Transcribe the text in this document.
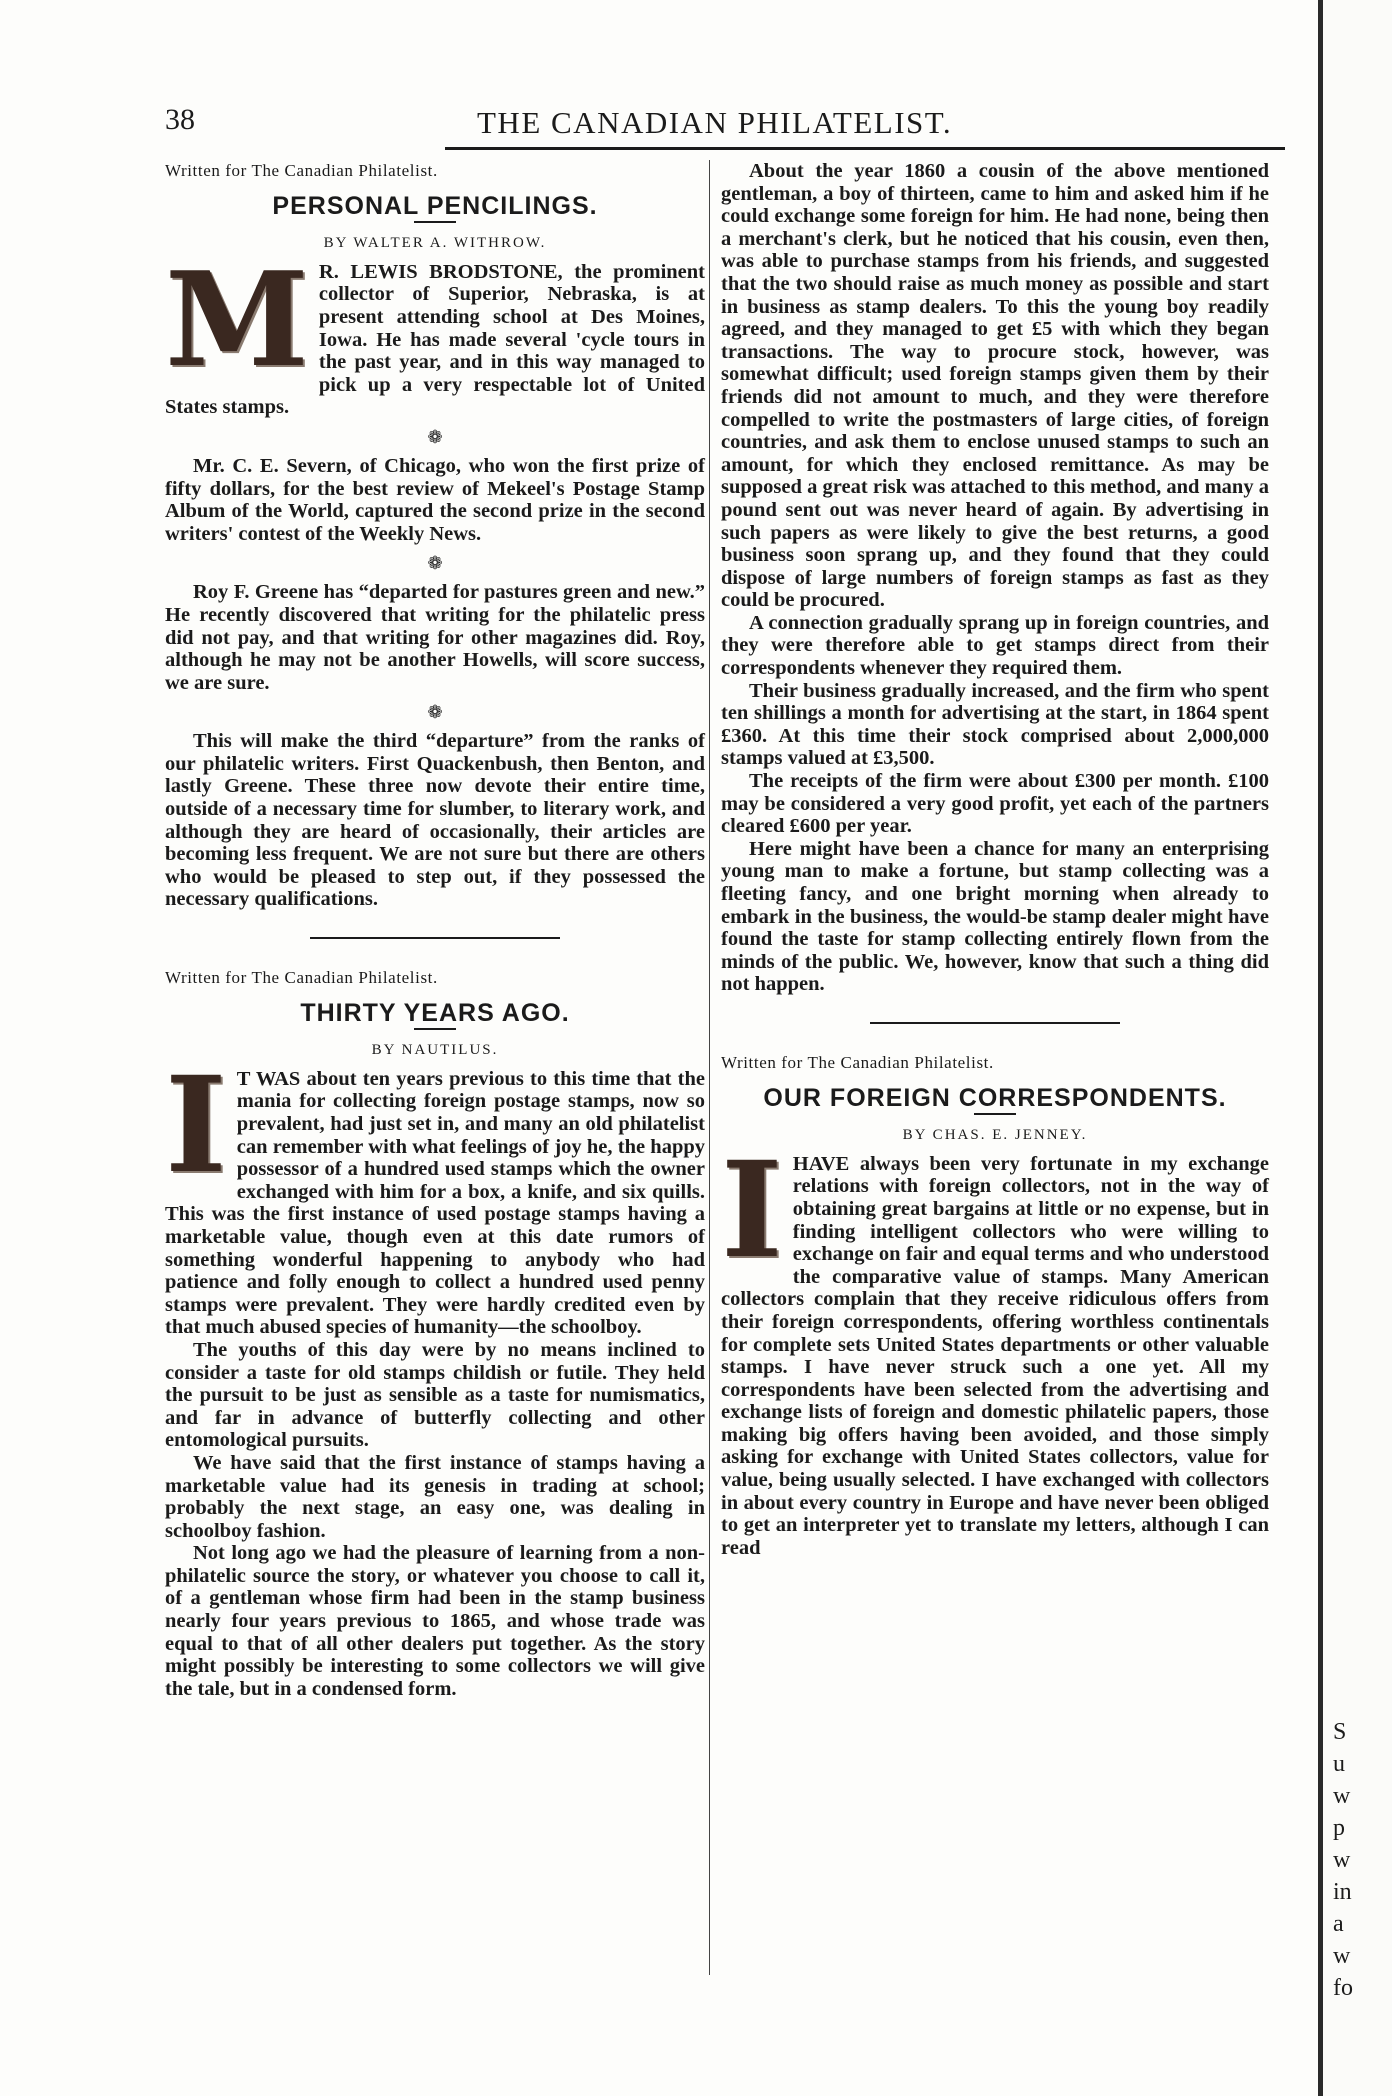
38	THE CANADIAN PHILATELIST.
Written for The Canadian Philatelist.
PERSONAL PENCILINGS.
BY WALTER A. WITHROW.

M R. LEWIS BRODSTONE, the prominent collector of Superior, Nebraska, is at present attending school at Des Moines, Iowa. He has made several 'cycle tours in the past year, and in this way managed to pick up a very respectable lot of United States stamps.

❁

Mr. C. E. Severn, of Chicago, who won the first prize of fifty dollars, for the best review of Mekeel's Postage Stamp Album of the World, captured the second prize in the second writers' contest of the Weekly News.

❁

Roy F. Greene has “departed for pastures green and new.” He recently discovered that writing for the philatelic press did not pay, and that writing for other magazines did. Roy, although he may not be another Howells, will score success, we are sure.

❁

This will make the third “departure” from the ranks of our philatelic writers. First Quackenbush, then Benton, and lastly Greene. These three now devote their entire time, outside of a necessary time for slumber, to literary work, and although they are heard of occasionally, their articles are becoming less frequent. We are not sure but there are others who would be pleased to step out, if they possessed the necessary qualifications.

Written for The Canadian Philatelist.
THIRTY YEARS AGO.
BY NAUTILUS.

I T WAS about ten years previous to this time that the mania for collecting foreign postage stamps, now so prevalent, had just set in, and many an old philatelist can remember with what feelings of joy he, the happy possessor of a hundred used stamps which the owner exchanged with him for a box, a knife, and six quills. This was the first instance of used postage stamps having a marketable value, though even at this date rumors of something wonderful happening to anybody who had patience and folly enough to collect a hundred used penny stamps were prevalent. They were hardly credited even by that much abused species of humanity—the schoolboy.

The youths of this day were by no means inclined to consider a taste for old stamps childish or futile. They held the pursuit to be just as sensible as a taste for numismatics, and far in advance of butterfly collecting and other entomological pursuits.

We have said that the first instance of stamps having a marketable value had its genesis in trading at school; probably the next stage, an easy one, was dealing in schoolboy fashion.

Not long ago we had the pleasure of learning from a non-philatelic source the story, or whatever you choose to call it, of a gentleman whose firm had been in the stamp business nearly four years previous to 1865, and whose trade was equal to that of all other dealers put together. As the story might possibly be interesting to some collectors we will give the tale, but in a condensed form.

About the year 1860 a cousin of the above mentioned gentleman, a boy of thirteen, came to him and asked him if he could exchange some foreign for him. He had none, being then a merchant's clerk, but he noticed that his cousin, even then, was able to purchase stamps from his friends, and suggested that the two should raise as much money as possible and start in business as stamp dealers. To this the young boy readily agreed, and they managed to get £5 with which they began transactions. The way to procure stock, however, was somewhat difficult; used foreign stamps given them by their friends did not amount to much, and they were therefore compelled to write the postmasters of large cities, of foreign countries, and ask them to enclose unused stamps to such an amount, for which they enclosed remittance. As may be supposed a great risk was attached to this method, and many a pound sent out was never heard of again. By advertising in such papers as were likely to give the best returns, a good business soon sprang up, and they found that they could dispose of large numbers of foreign stamps as fast as they could be procured.

A connection gradually sprang up in foreign countries, and they were therefore able to get stamps direct from their correspondents whenever they required them.

Their business gradually increased, and the firm who spent ten shillings a month for advertising at the start, in 1864 spent £360. At this time their stock comprised about 2,000,000 stamps valued at £3,500.

The receipts of the firm were about £300 per month. £100 may be considered a very good profit, yet each of the partners cleared £600 per year.

Here might have been a chance for many an enterprising young man to make a fortune, but stamp collecting was a fleeting fancy, and one bright morning when already to embark in the business, the would-be stamp dealer might have found the taste for stamp collecting entirely flown from the minds of the public. We, however, know that such a thing did not happen.

Written for The Canadian Philatelist.
OUR FOREIGN CORRESPONDENTS.
BY CHAS. E. JENNEY.

IHAVE always been very fortunate in my exchange relations with foreign collectors, not in the way of obtaining great bargains at little or no expense, but in finding intelligent collectors who were willing to exchange on fair and equal terms and who understood the comparative value of stamps. Many American collectors complain that they receive ridiculous offers from their foreign correspondents, offering worthless continentals for complete sets United States departments or other valuable stamps. I have never struck such a one yet. All my correspondents have been selected from the advertising and exchange lists of foreign and domestic philatelic papers, those making big offers having been avoided, and those simply asking for exchange with United States collectors, value for value, being usually selected. I have exchanged with collectors in about every country in Europe and have never been obliged to get an interpreter yet to translate my letters, although I can read

S
u
w
p
w
in
a
w
fo
